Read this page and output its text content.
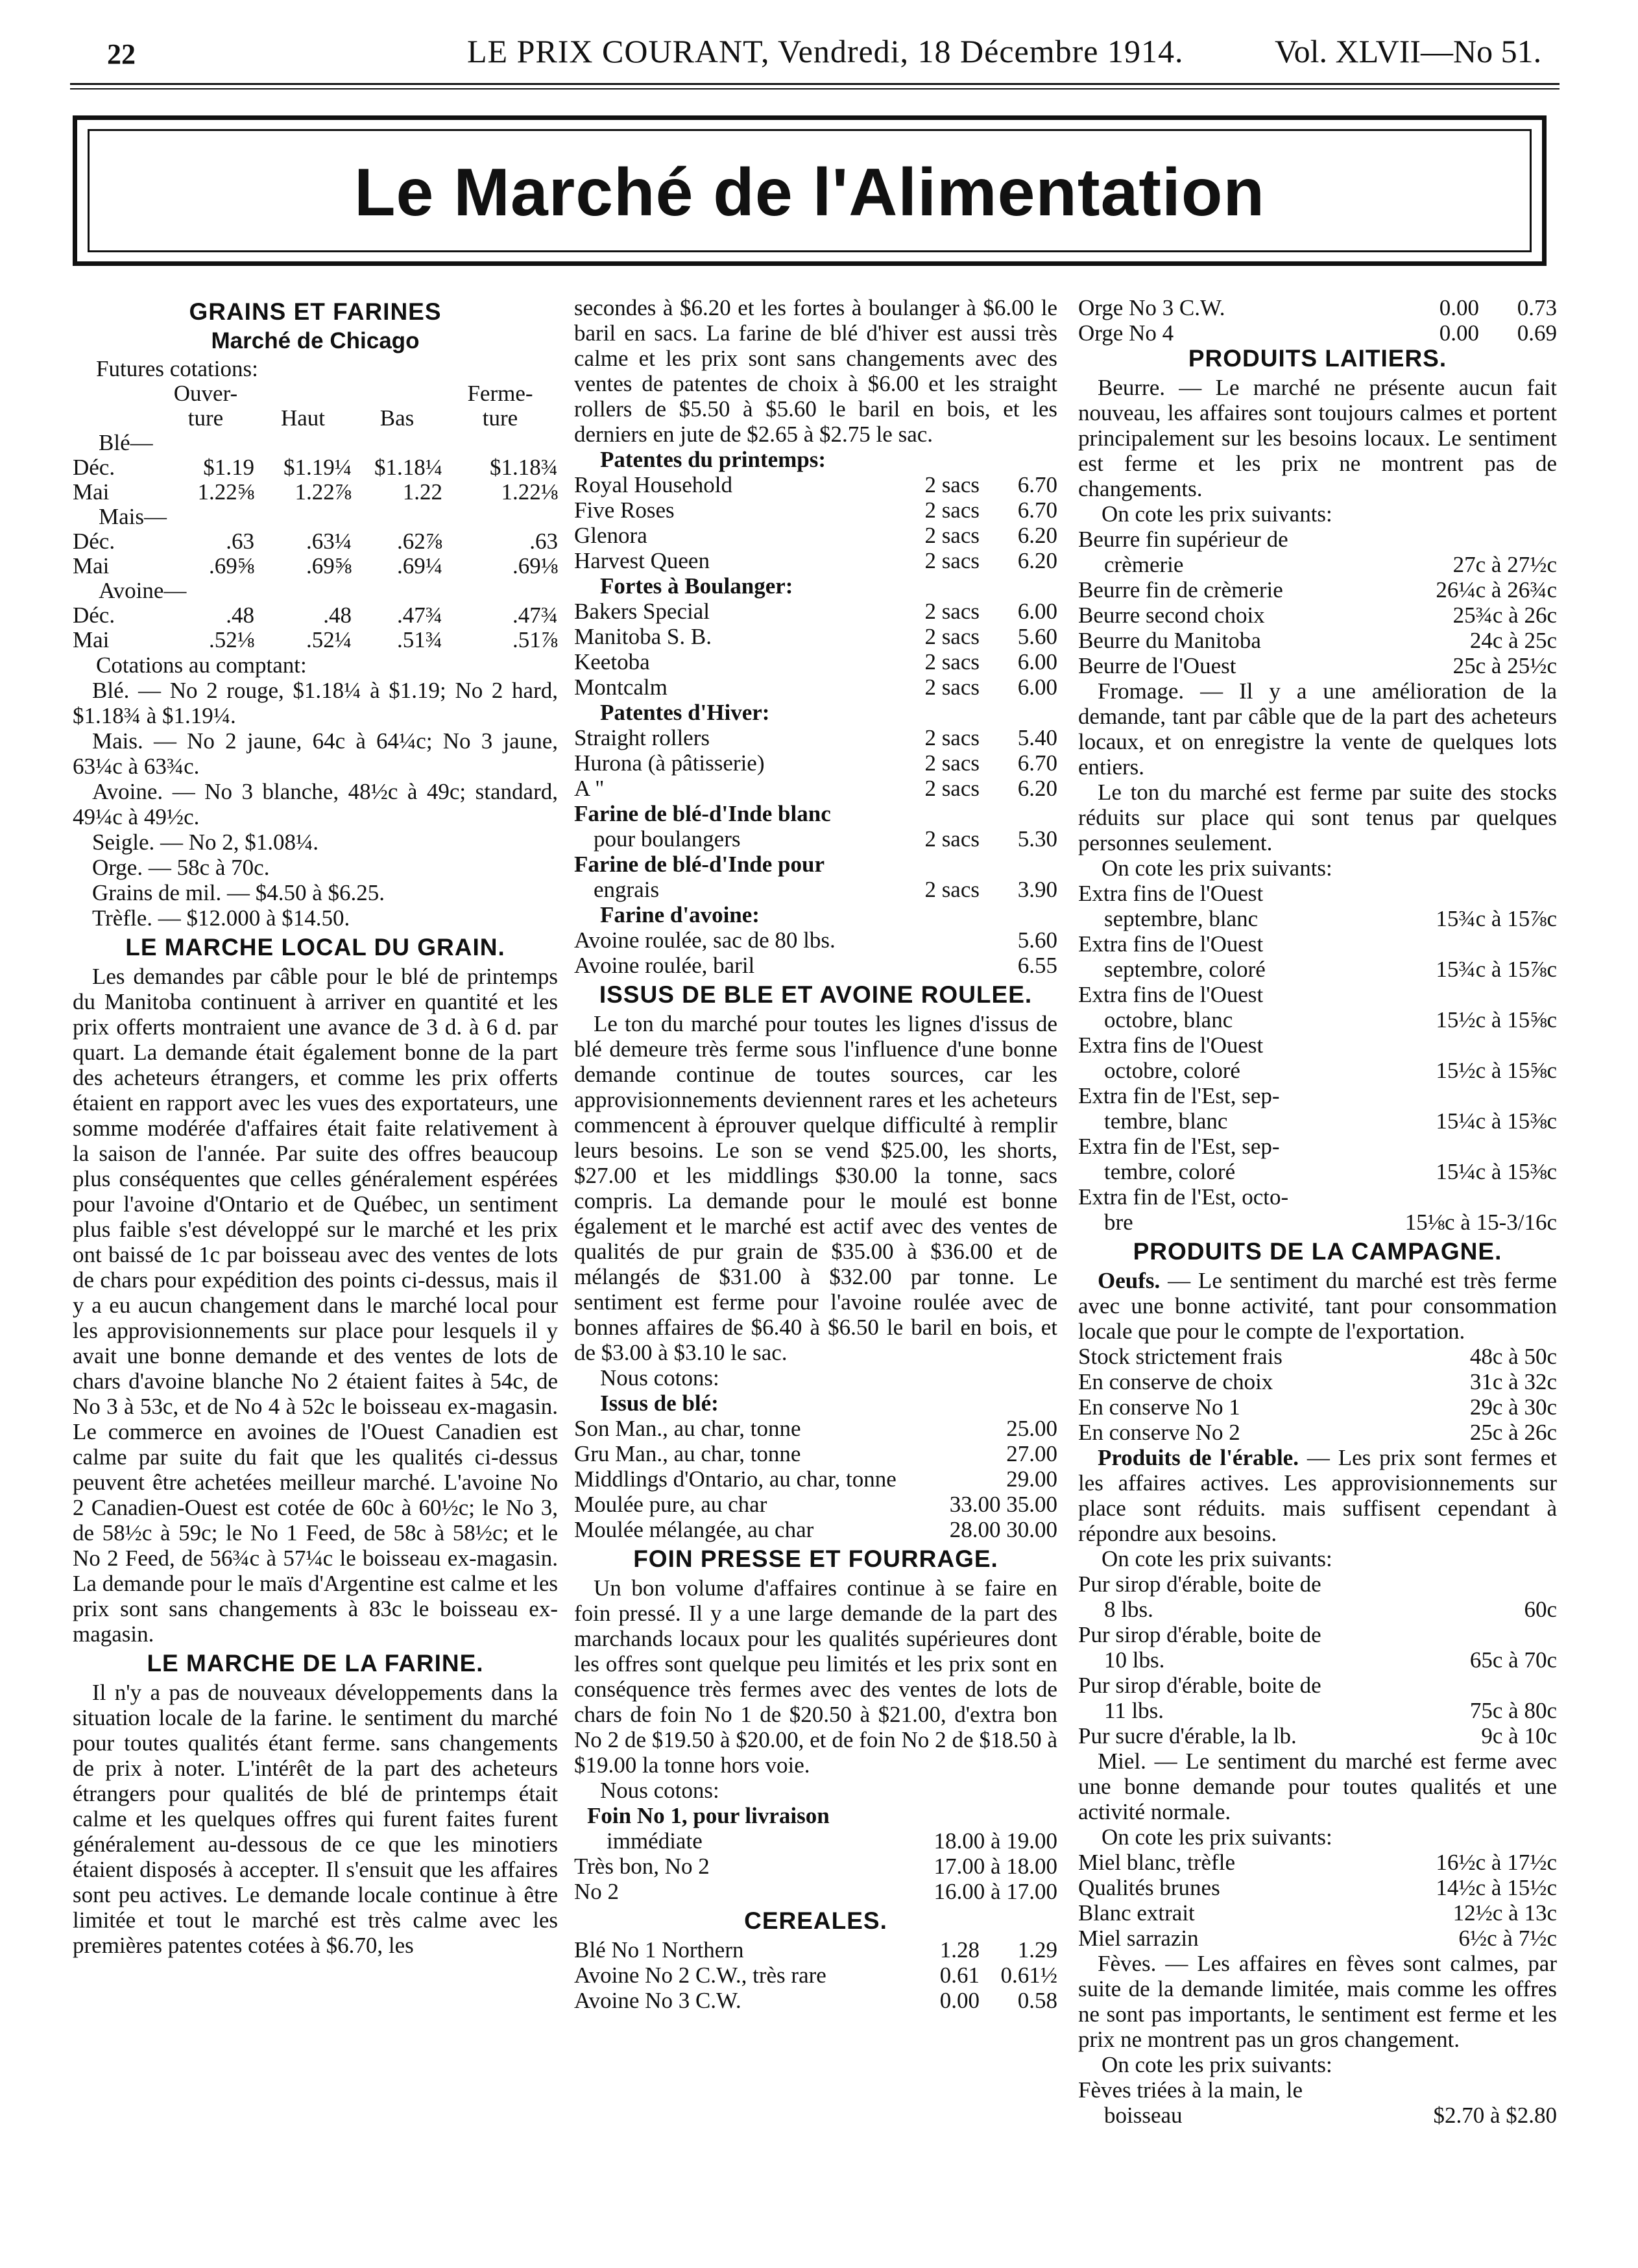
22	LE PRIX COURANT, Vendredi, 18 Décembre 1914.	Vol. XLVII—No 51.
Le Marché de l'Alimentation
GRAINS ET FARINES
Marché de Chicago
Futures cotations:
	Ouver-
ture	Haut	Bas	Ferme-
ture
Blé—				
Déc.	$1.19	$1.19¼	$1.18¼	$1.18¾
Mai	1.22⅝	1.22⅞	1.22	1.22⅛
Mais—				
Déc.	.63	.63¼	.62⅞	.63
Mai	.69⅝	.69⅝	.69¼	.69⅛
Avoine—				
Déc.	.48	.48	.47¾	.47¾
Mai	.52⅛	.52¼	.51¾	.51⅞
Cotations au comptant:

Blé. — No 2 rouge, $1.18¼ à $1.19; No 2 hard, $1.18¾ à $1.19¼.

Mais. — No 2 jaune, 64c à 64¼c; No 3 jaune, 63¼c à 63¾c.

Avoine. — No 3 blanche, 48½c à 49c; standard, 49¼c à 49½c.

Seigle. — No 2, $1.08¼.

Orge. — 58c à 70c.

Grains de mil. — $4.50 à $6.25.

Trèfle. — $12.000 à $14.50.

LE MARCHE LOCAL DU GRAIN.

Les demandes par câble pour le blé de printemps du Manitoba continuent à arriver en quantité et les prix offerts montraient une avance de 3 d. à 6 d. par quart. La demande était également bonne de la part des acheteurs étrangers, et comme les prix offerts étaient en rapport avec les vues des exportateurs, une somme modérée d'affaires était faite relativement à la saison de l'année. Par suite des offres beaucoup plus conséquentes que celles généralement espérées pour l'avoine d'Ontario et de Québec, un sentiment plus faible s'est développé sur le marché et les prix ont baissé de 1c par boisseau avec des ventes de lots de chars pour expédition des points ci-dessus, mais il y a eu aucun changement dans le marché local pour les approvisionnements sur place pour lesquels il y avait une bonne demande et des ventes de lots de chars d'avoine blanche No 2 étaient faites à 54c, de No 3 à 53c, et de No 4 à 52c le boisseau ex-magasin. Le commerce en avoines de l'Ouest Canadien est calme par suite du fait que les qualités ci-dessus peuvent être achetées meilleur marché. L'avoine No 2 Canadien-Ouest est cotée de 60c à 60½c; le No 3, de 58½c à 59c; le No 1 Feed, de 58c à 58½c; et le No 2 Feed, de 56¾c à 57¼c le boisseau ex-magasin. La demande pour le maïs d'Argentine est calme et les prix sont sans changements à 83c le boisseau ex-magasin.

LE MARCHE DE LA FARINE.

Il n'y a pas de nouveaux développements dans la situation locale de la farine. le sentiment du marché pour toutes qualités étant ferme. sans changements de prix à noter. L'intérêt de la part des acheteurs étrangers pour qualités de blé de printemps était calme et les quelques offres qui furent faites furent généralement au-dessous de ce que les minotiers étaient disposés à accepter. Il s'ensuit que les affaires sont peu actives. Le demande locale continue à être limitée et tout le marché est très calme avec les premières patentes cotées à $6.70, les

secondes à $6.20 et les fortes à boulanger à $6.00 le baril en sacs. La farine de blé d'hiver est aussi très calme et les prix sont sans changements avec des ventes de patentes de choix à $6.00 et les straight rollers de $5.50 à $5.60 le baril en bois, et les derniers en jute de $2.65 à $2.75 le sac.

Patentes du printemps:
Royal Household	2 sacs	6.70
Five Roses	2 sacs	6.70
Glenora	2 sacs	6.20
Harvest Queen	2 sacs	6.20
Fortes à Boulanger:
Bakers Special	2 sacs	6.00
Manitoba S. B.	2 sacs	5.60
Keetoba	2 sacs	6.00
Montcalm	2 sacs	6.00
Patentes d'Hiver:
Straight rollers	2 sacs	5.40
Hurona (à pâtisserie)	2 sacs	6.70
A "	2 sacs	6.20
Farine de blé-d'Inde blanc
pour boulangers	2 sacs	5.30
Farine de blé-d'Inde pour
engrais	2 sacs	3.90
Farine d'avoine:
Avoine roulée, sac de 80 lbs.	5.60
Avoine roulée, baril	6.55
ISSUS DE BLE ET AVOINE ROULEE.

Le ton du marché pour toutes les lignes d'issus de blé demeure très ferme sous l'influence d'une bonne demande continue de toutes sources, car les approvisionnements deviennent rares et les acheteurs commencent à éprouver quelque difficulté à remplir leurs besoins. Le son se vend $25.00, les shorts, $27.00 et les middlings $30.00 la tonne, sacs compris. La demande pour le moulé est bonne également et le marché est actif avec des ventes de qualités de pur grain de $35.00 à $36.00 et de mélangés de $31.00 à $32.00 par tonne. Le sentiment est ferme pour l'avoine roulée avec de bonnes affaires de $6.40 à $6.50 le baril en bois, et de $3.00 à $3.10 le sac.

Nous cotons:
Issus de blé:
Son Man., au char, tonne	25.00
Gru Man., au char, tonne	27.00
Middlings d'Ontario, au char, tonne	29.00
Moulée pure, au char	33.00 35.00
Moulée mélangée, au char	28.00 30.00
FOIN PRESSE ET FOURRAGE.

Un bon volume d'affaires continue à se faire en foin pressé. Il y a une large demande de la part des marchands locaux pour les qualités supérieures dont les offres sont quelque peu limités et les prix sont en conséquence très fermes avec des ventes de lots de chars de foin No 1 de $20.50 à $21.00, d'extra bon No 2 de $19.50 à $20.00, et de foin No 2 de $18.50 à $19.00 la tonne hors voie.

Nous cotons:
Foin No 1, pour livraison
immédiate	18.00 à 19.00
Très bon, No 2	17.00 à 18.00
No 2	16.00 à 17.00
CEREALES.
Blé No 1 Northern	1.28	1.29
Avoine No 2 C.W., très rare	0.61 0.61½
Avoine No 3 C.W.	0.00	0.58
Orge No 3 C.W.	0.00	0.73
Orge No 4	0.00	0.69
PRODUITS LAITIERS.

Beurre. — Le marché ne présente aucun fait nouveau, les affaires sont toujours calmes et portent principalement sur les besoins locaux. Le sentiment est ferme et les prix ne montrent pas de changements.

On cote les prix suivants:
Beurre fin supérieur de
crèmerie	27c à 27½c
Beurre fin de crèmerie	26¼c à 26¾c
Beurre second choix	25¾c à 26c
Beurre du Manitoba	24c à 25c
Beurre de l'Ouest	25c à 25½c

Fromage. — Il y a une amélioration de la demande, tant par câble que de la part des acheteurs locaux, et on enregistre la vente de quelques lots entiers.

Le ton du marché est ferme par suite des stocks réduits sur place qui sont tenus par quelques personnes seulement.

On cote les prix suivants:
Extra fins de l'Ouest
septembre, blanc	15¾c à 15⅞c
Extra fins de l'Ouest
septembre, coloré	15¾c à 15⅞c
Extra fins de l'Ouest
octobre, blanc	15½c à 15⅝c
Extra fins de l'Ouest
octobre, coloré	15½c à 15⅝c
Extra fin de l'Est, sep-
tembre, blanc	15¼c à 15⅜c
Extra fin de l'Est, sep-
tembre, coloré	15¼c à 15⅜c
Extra fin de l'Est, octo-
bre	15⅛c à 15-3/16c
PRODUITS DE LA CAMPAGNE.

Oeufs. — Le sentiment du marché est très ferme avec une bonne activité, tant pour consommation locale que pour le compte de l'exportation.

Stock strictement frais	48c à 50c
En conserve de choix	31c à 32c
En conserve No 1	29c à 30c
En conserve No 2	25c à 26c

Produits de l'érable. — Les prix sont fermes et les affaires actives. Les approvisionnements sur place sont réduits. mais suffisent cependant à répondre aux besoins.

On cote les prix suivants:
Pur sirop d'érable, boite de
8 lbs.	60c
Pur sirop d'érable, boite de
10 lbs.	65c à 70c
Pur sirop d'érable, boite de
11 lbs.	75c à 80c
Pur sucre d'érable, la lb.	9c à 10c

Miel. — Le sentiment du marché est ferme avec une bonne demande pour toutes qualités et une activité normale.

On cote les prix suivants:
Miel blanc, trèfle	16½c à 17½c
Qualités brunes	14½c à 15½c
Blanc extrait	12½c à 13c
Miel sarrazin	6½c à 7½c

Fèves. — Les affaires en fèves sont calmes, par suite de la demande limitée, mais comme les offres ne sont pas importants, le sentiment est ferme et les prix ne montrent pas un gros changement.

On cote les prix suivants:
Fèves triées à la main, le
boisseau	$2.70 à $2.80
